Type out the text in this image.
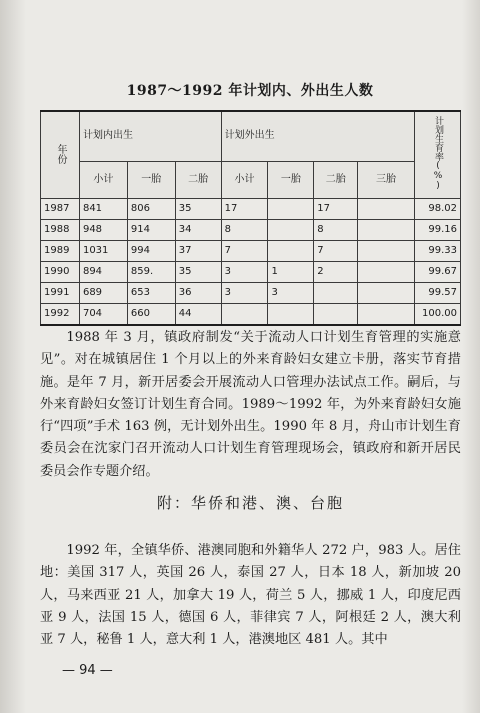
1987～1992 年计划内、外出生人数
年份	计划内出生			计划外出生				计划生育率(%)
	小计	一胎	二胎	小计	一胎	二胎	三胎	
1987	841	806	35	17		17		98.02
1988	948	914	34	8		8		99.16
1989	1031	994	37	7		7		99.33
1990	894	859.	35	3	1	2		99.67
1991	689	653	36	3	3			99.57
1992	704	660	44					100.00

1988 年 3 月，镇政府制发“关于流动人口计划生育管理的实施意见”。对在城镇居住 1 个月以上的外来育龄妇女建立卡册，落实节育措施。是年 7 月，新开居委会开展流动人口管理办法试点工作。嗣后，与外来育龄妇女签订计划生育合同。1989～1992 年，为外来育龄妇女施行“四项”手术 163 例，无计划外出生。1990 年 8 月，舟山市计划生育委员会在沈家门召开流动人口计划生育管理现场会，镇政府和新开居民委员会作专题介绍。

附：华侨和港、澳、台胞

1992 年，全镇华侨、港澳同胞和外籍华人 272 户，983 人。居住地：美国 317 人，英国 26 人，泰国 27 人，日本 18 人，新加坡 20 人，马来西亚 21 人，加拿大 19 人，荷兰 5 人，挪威 1 人，印度尼西亚 9 人，法国 15 人，德国 6 人，菲律宾 7 人，阿根廷 2 人，澳大利亚 7 人，秘鲁 1 人，意大利 1 人，港澳地区 481 人。其中

— 94 —
